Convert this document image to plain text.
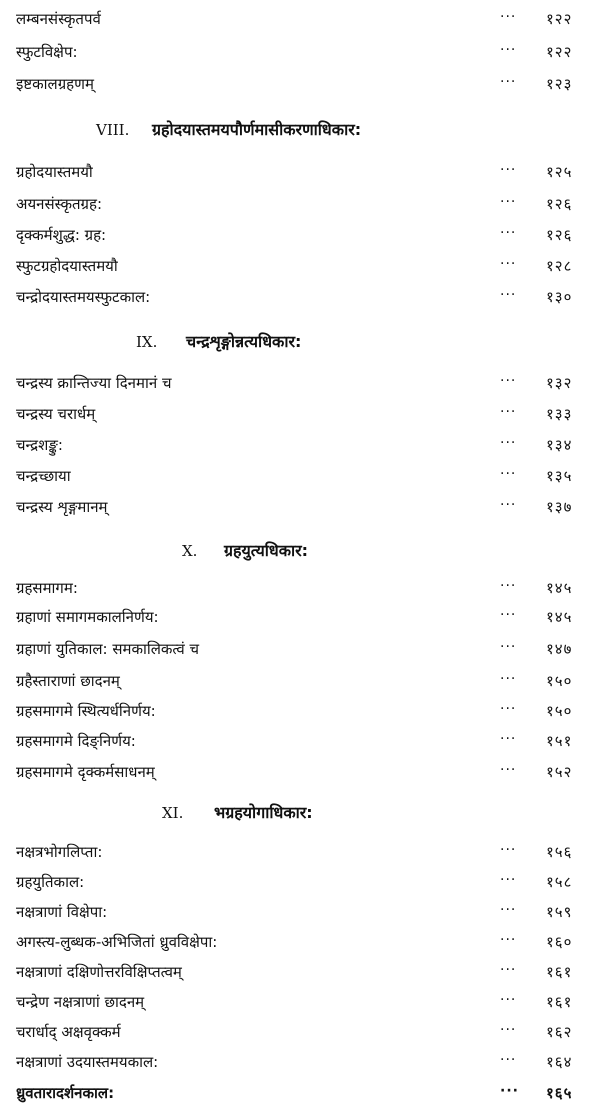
लम्बनसंस्कृतपर्व	··· १२२
स्फुटविक्षेप:	··· १२२
इष्टकालग्रहणम्	··· १२३
VIII. ग्रहोदयास्तमयपौर्णमासीकरणाधिकार:
ग्रहोदयास्तमयौ	··· १२५
अयनसंस्कृतग्रह:	··· १२६
दृक्कर्मशुद्ध: ग्रह:	··· १२६
स्फुटग्रहोदयास्तमयौ	··· १२८
चन्द्रोदयास्तमयस्फुटकाल:	··· १३०
IX. चन्द्रशृङ्गोन्नत्यधिकार:
चन्द्रस्य क्रान्तिज्या दिनमानं च	··· १३२
चन्द्रस्य चरार्धम्	··· १३३
चन्द्रशङ्कु:	··· १३४
चन्द्रच्छाया	··· १३५
चन्द्रस्य शृङ्गमानम्	··· १३७
X. ग्रहयुत्यधिकार:
ग्रहसमागम:	··· १४५
ग्रहाणां समागमकालनिर्णय:	··· १४५
ग्रहाणां युतिकाल: समकालिकत्वं च	··· १४७
ग्रहैस्ताराणां छादनम्	··· १५०
ग्रहसमागमे स्थित्यर्धनिर्णय:	··· १५०
ग्रहसमागमे दिङ्निर्णय:	··· १५१
ग्रहसमागमे दृक्कर्मसाधनम्	··· १५२
XI. भग्रहयोगाधिकार:
नक्षत्रभोगलिप्ता:	··· १५६
ग्रहयुतिकाल:	··· १५८
नक्षत्राणां विक्षेपा:	··· १५९
अगस्त्य-लुब्धक-अभिजितां ध्रुवविक्षेपा:	··· १६०
नक्षत्राणां दक्षिणोत्तरविक्षिप्तत्वम्	··· १६१
चन्द्रेण नक्षत्राणां छादनम्	··· १६१
चरार्धाद् अक्षवृक्कर्म	··· १६२
नक्षत्राणां उदयास्तमयकाल:	··· १६४
ध्रुवतारादर्शनकाल:	··· १६५
